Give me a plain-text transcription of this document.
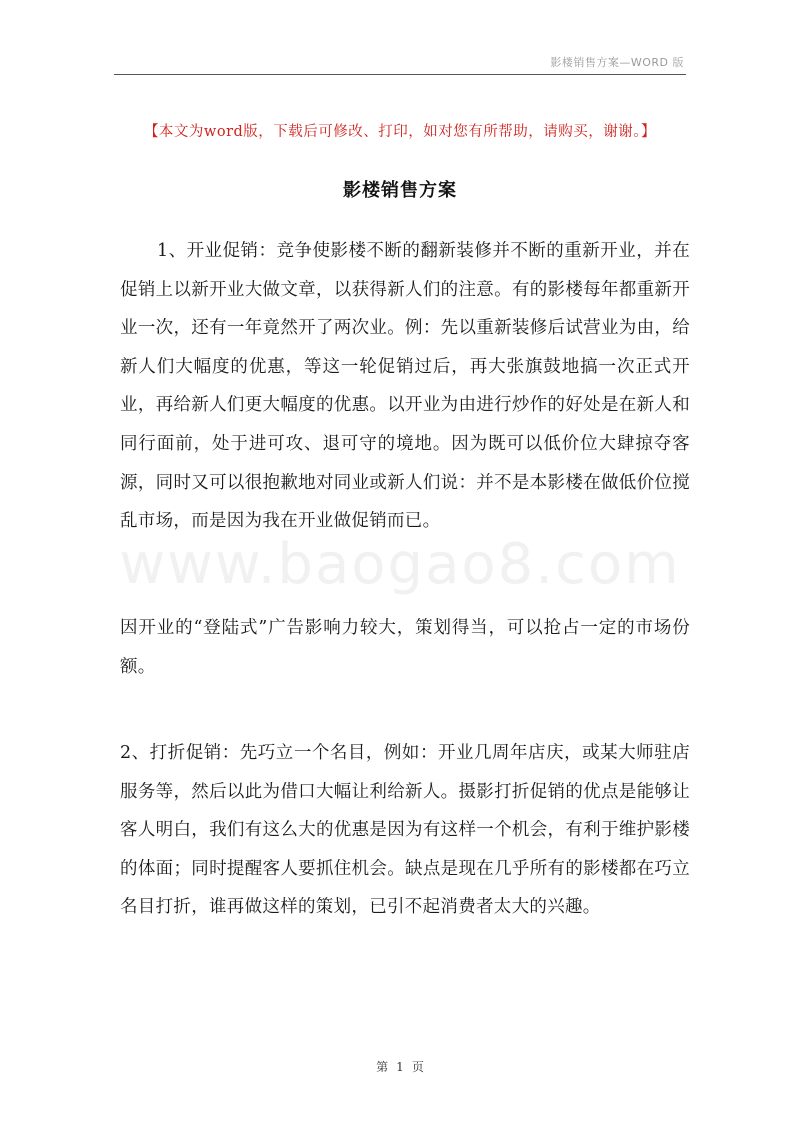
影楼销售方案—WORD 版
【本文为word版，下载后可修改、打印，如对您有所帮助，请购买，谢谢。】
影楼销售方案
www.baogao8.com
1、开业促销：竞争使影楼不断的翻新装修并不断的重新开业，并在促销上以新开业大做文章，以获得新人们的注意。有的影楼每年都重新开业一次，还有一年竟然开了两次业。例：先以重新装修后试营业为由，给新人们大幅度的优惠，等这一轮促销过后，再大张旗鼓地搞一次正式开业，再给新人们更大幅度的优惠。以开业为由进行炒作的好处是在新人和同行面前，处于进可攻、退可守的境地。因为既可以低价位大肆掠夺客源，同时又可以很抱歉地对同业或新人们说：并不是本影楼在做低价位搅乱市场，而是因为我在开业做促销而已。
因开业的“登陆式”广告影响力较大，策划得当，可以抢占一定的市场份额。
2、打折促销：先巧立一个名目，例如：开业几周年店庆，或某大师驻店服务等，然后以此为借口大幅让利给新人。摄影打折促销的优点是能够让客人明白，我们有这么大的优惠是因为有这样一个机会，有利于维护影楼的体面；同时提醒客人要抓住机会。缺点是现在几乎所有的影楼都在巧立名目打折，谁再做这样的策划，已引不起消费者太大的兴趣。
第 1 页
